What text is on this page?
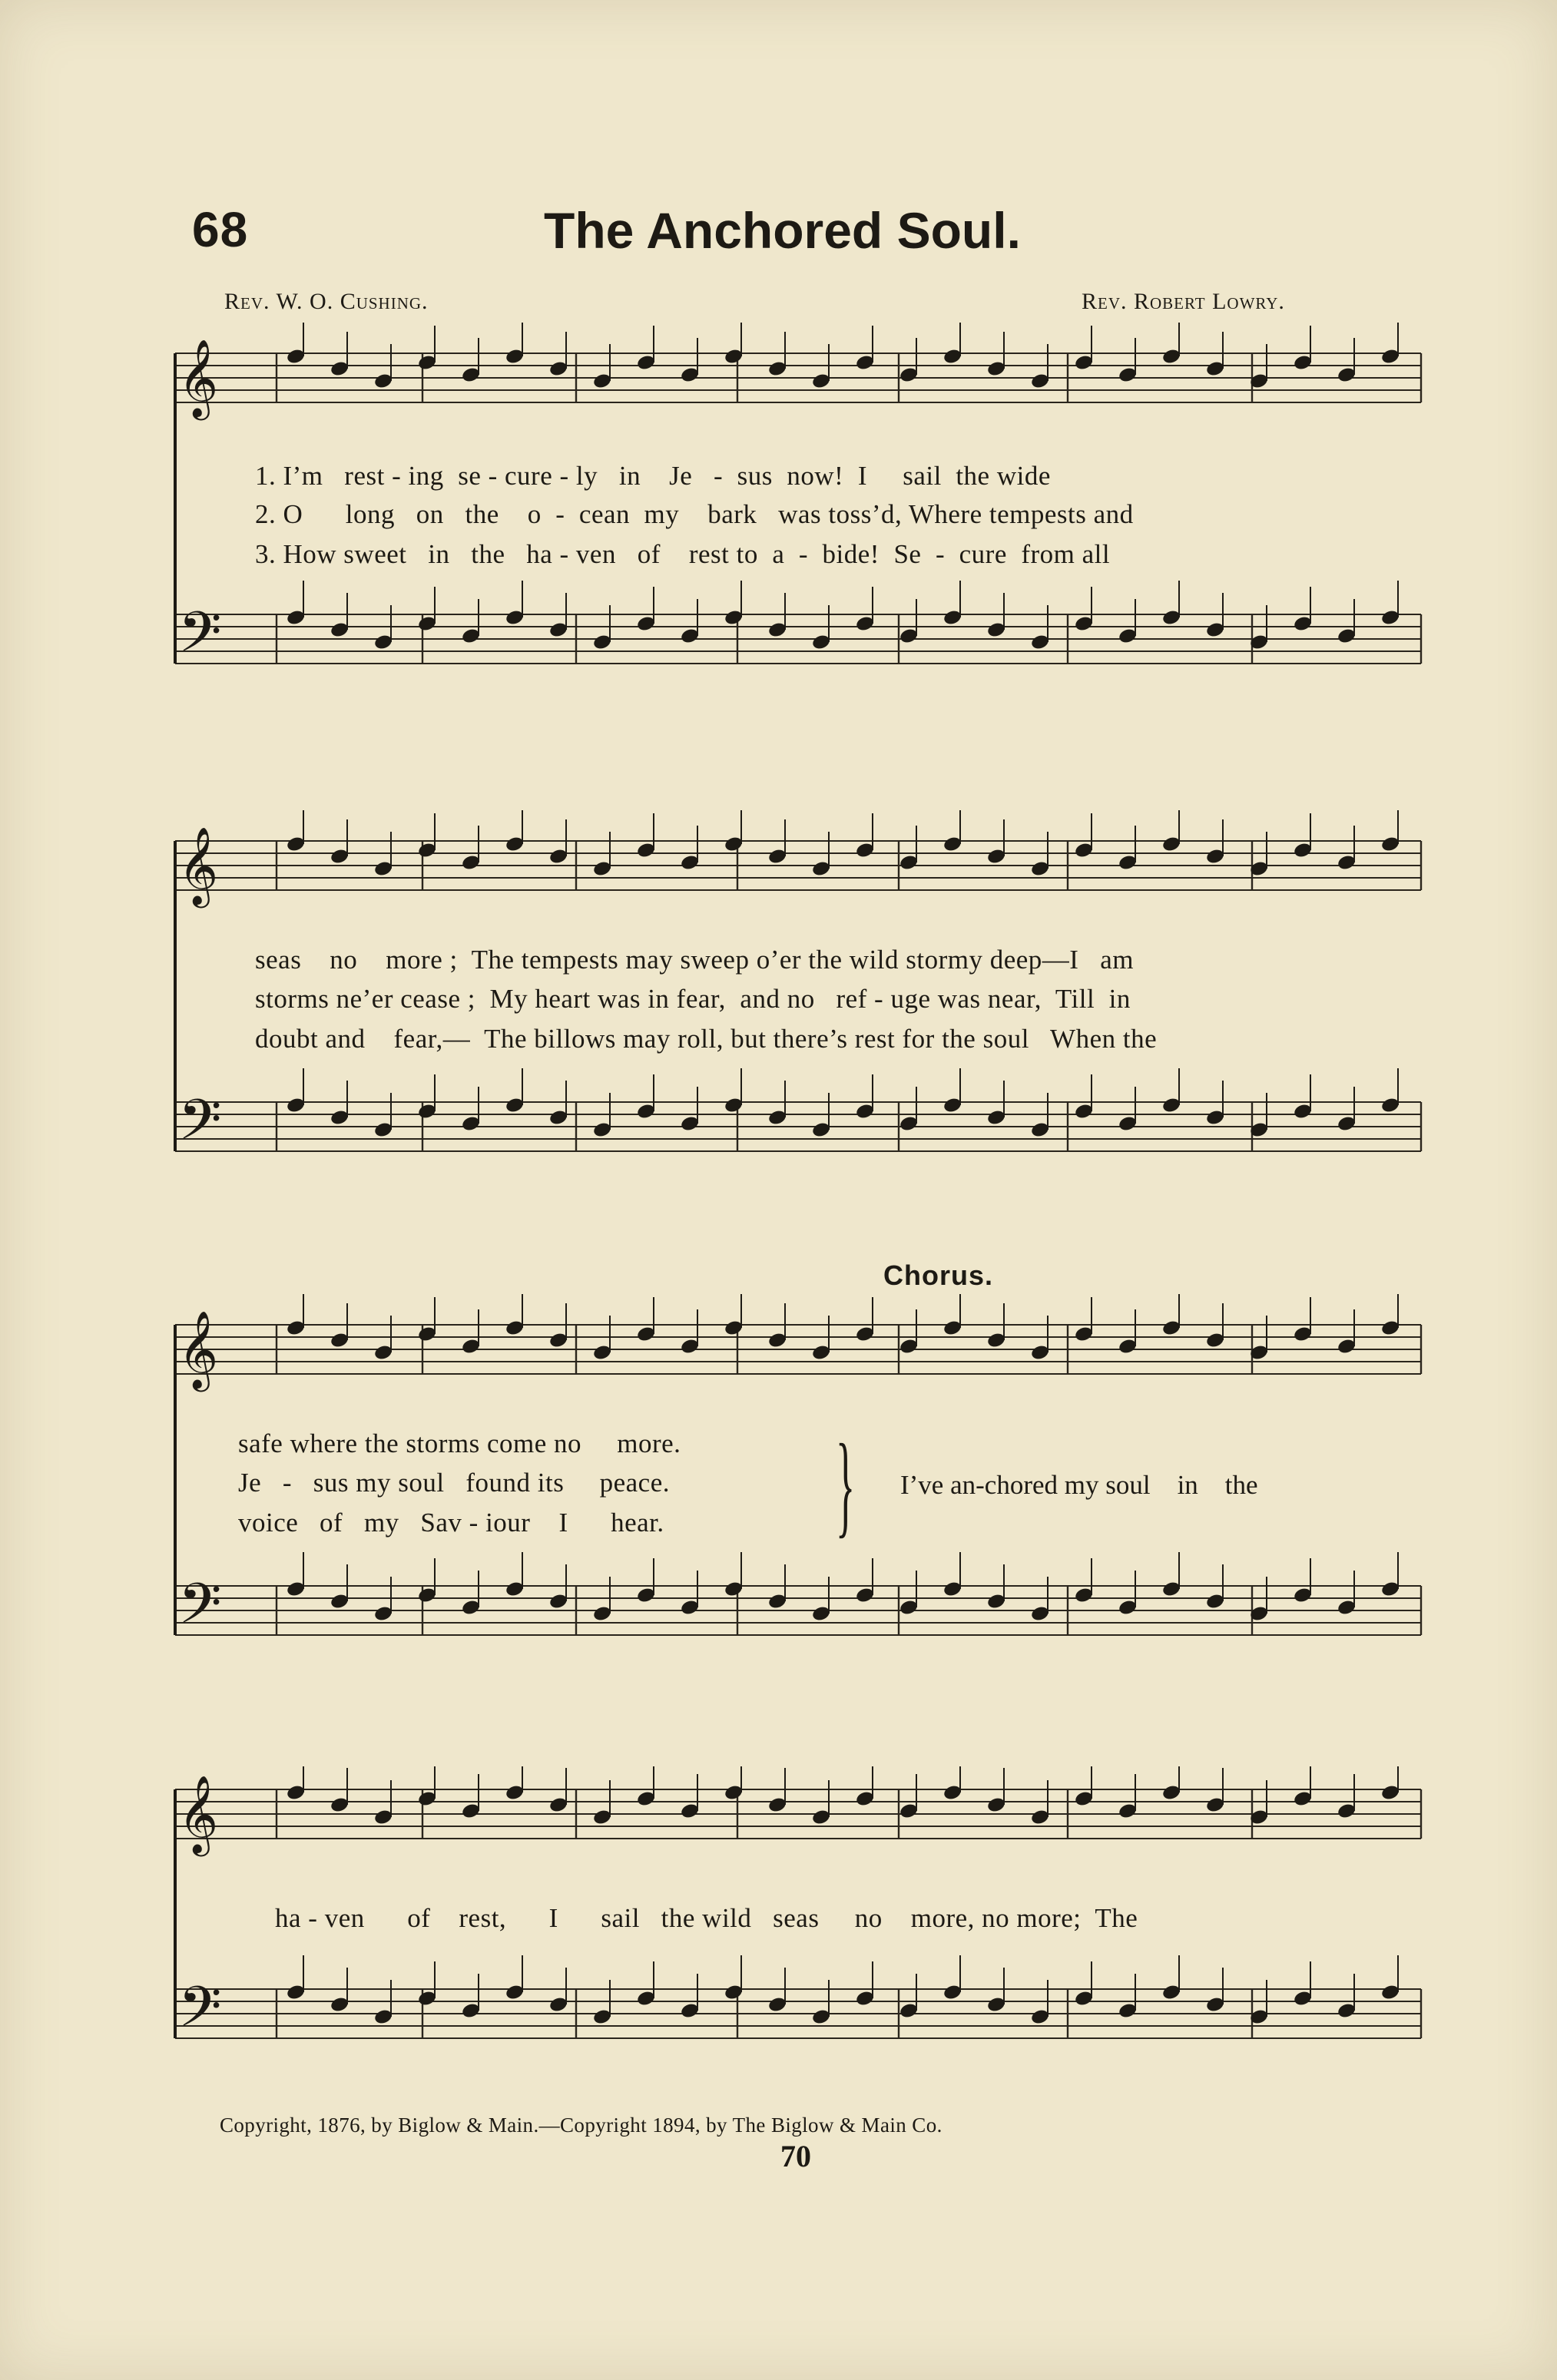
68	The Anchored Soul.
Rev. W. O. Cushing.	Rev. Robert Lowry.
𝄞
𝄢
1. I’m   rest - ing  se - cure - ly   in    Je   -  sus  now!  I     sail  the wide
2. O      long   on   the    o  -  cean  my    bark   was toss’d, Where tempests and
3. How sweet   in   the   ha - ven   of    rest to  a  -  bide!  Se  -  cure  from all
𝄞
𝄢
seas    no    more ;  The tempests may sweep o’er the wild stormy deep—I   am
storms ne’er cease ;  My heart was in fear,  and no   ref - uge was near,  Till  in
doubt and    fear,—  The billows may roll, but there’s rest for the soul   When the
Chorus.
𝄞
𝄢
safe where the storms come no     more.
Je   -   sus my soul   found its     peace.
voice   of   my   Sav - iour    I      hear. } I’ve an-chored my soul    in    the
𝄞
𝄢
ha - ven      of    rest,      I      sail   the wild   seas     no    more, no more;  The
Copyright, 1876, by Biglow & Main.—Copyright 1894, by The Biglow & Main Co.
70
